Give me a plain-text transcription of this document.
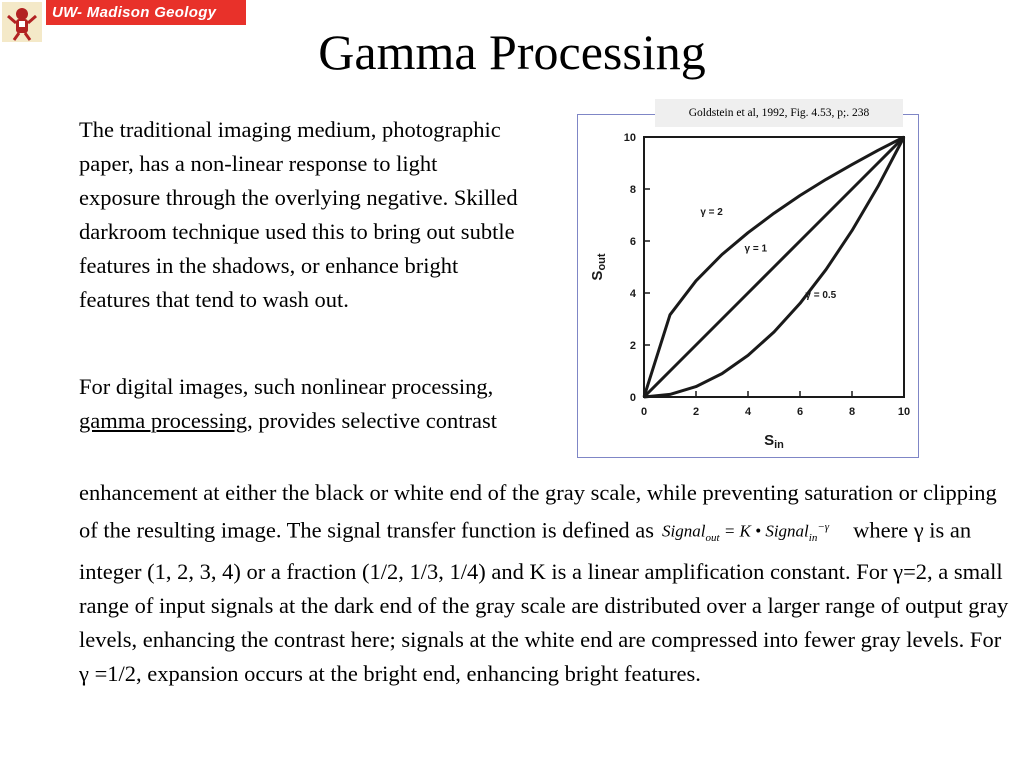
UW- Madison Geology 777	Gamma Processing

The traditional imaging medium, photographic paper, has a non-linear response to light exposure through the overlying negative. Skilled darkroom technique used this to bring out subtle features in the shadows, or enhance bright features that tend to wash out.

For digital images, such nonlinear processing, gamma processing, provides selective contrast

enhancement at either the black or white end of the gray scale, while preventing saturation or clipping of the resulting image. The signal transfer function is defined as Signal$_{out}$ = K • Signal$_{in}^{-\gamma}$ where γ is an integer (1, 2, 3, 4) or a fraction (1/2, 1/3, 1/4) and K is a linear amplification constant. For γ=2, a small range of input signals at the dark end of the gray scale are distributed over a larger range of output gray levels, enhancing the contrast here; signals at the white end are compressed into fewer gray levels. For γ =1/2, expansion occurs at the bright end, enhancing bright features.

0	2	4	6	8	10
0
2
4
6
8
10
$S_{in}$
$S_{out}$
γ = 2
γ = 1
γ = 0.5
Goldstein et al, 1992, Fig. 4.53, p;. 238
